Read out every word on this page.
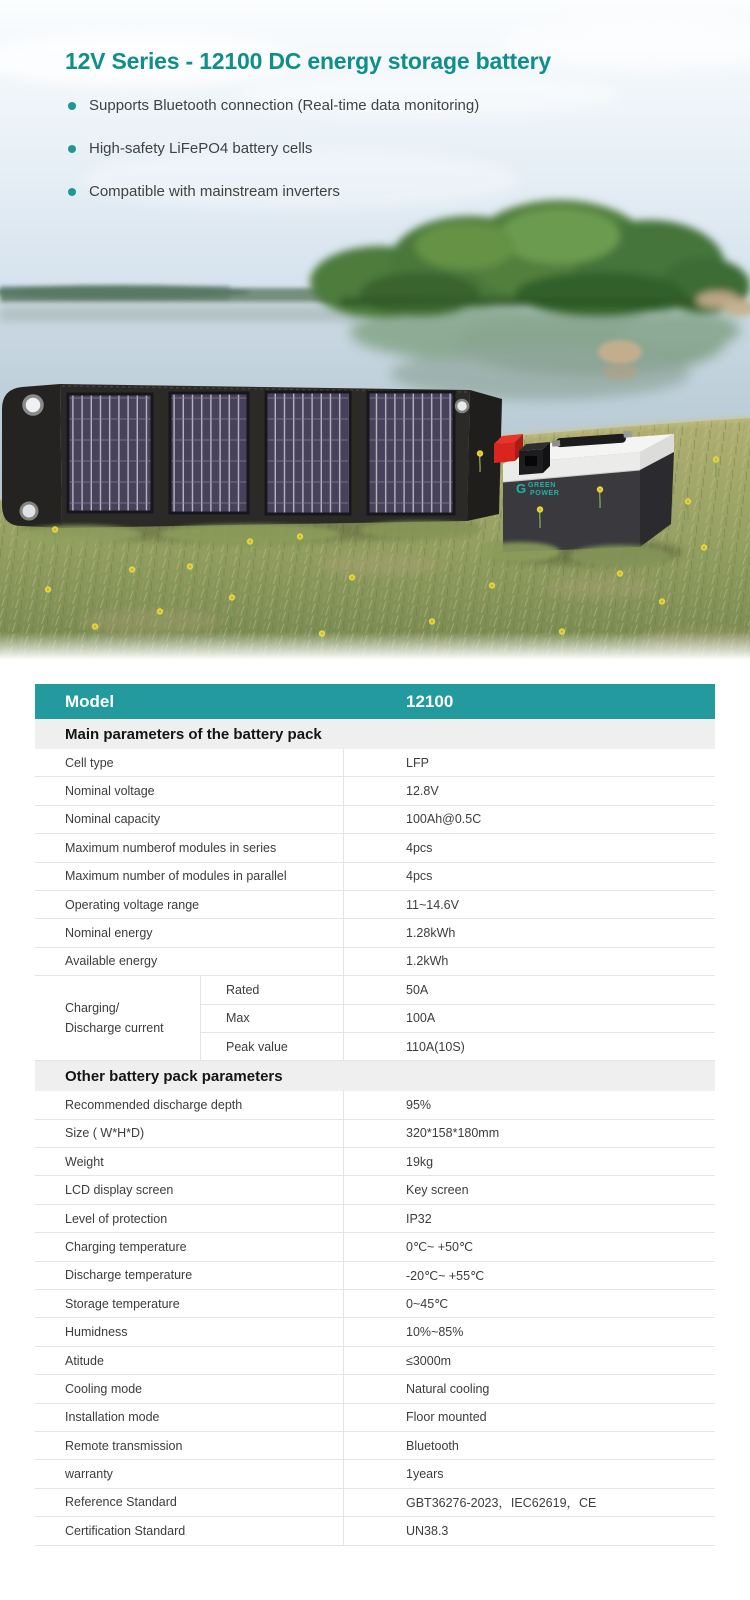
G GREEN
POWER
12V Series - 12100 DC energy storage battery
Supports Bluetooth connection (Real-time data monitoring)
High-safety LiFePO4 battery cells
Compatible with mainstream inverters
Model	12100
Main parameters of the battery pack
Cell type	LFP
Nominal voltage	12.8V
Nominal capacity	100Ah@0.5C
Maximum numberof modules in series	4pcs
Maximum number of modules in parallel	4pcs
Operating voltage range	11~14.6V
Nominal energy	1.28kWh
Available energy	1.2kWh
Charging/
Discharge current
Rated	50A
Max	100A
Peak value	110A(10S)
Other battery pack parameters
Recommended discharge depth	95%
Size ( W*H*D)	320*158*180mm
Weight	19kg
LCD display screen	Key screen
Level of protection	IP32
Charging temperature	0℃~ +50℃
Discharge temperature	-20℃~ +55℃
Storage temperature	0~45℃
Humidness	10%~85%
Atitude	≤3000m
Cooling mode	Natural cooling
Installation mode	Floor mounted
Remote transmission	Bluetooth
warranty	1years
Reference Standard	GBT36276-2023，IEC62619，CE
Certification Standard	UN38.3
